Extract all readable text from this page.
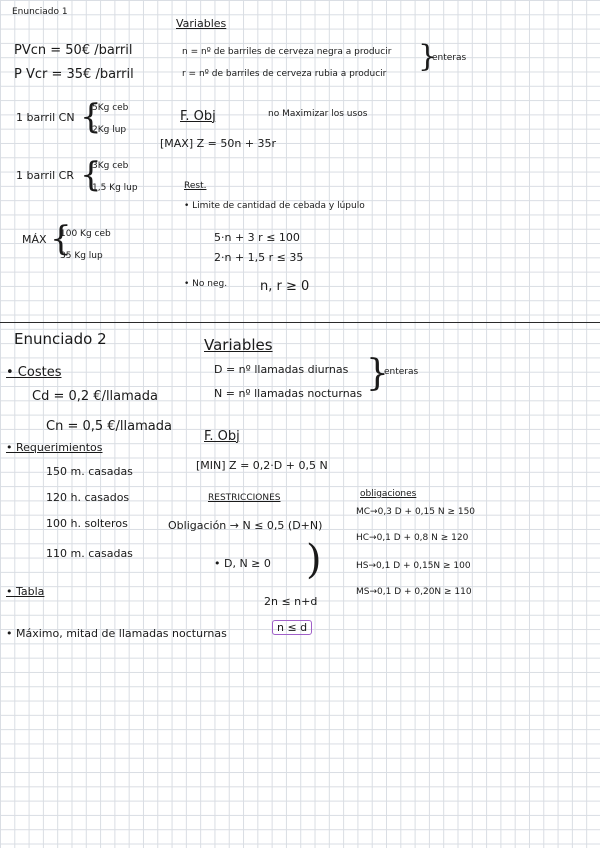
Enunciado 1
PVcn = 50€ /barril
P Vcr = 35€ /barril
1 barril CN {
5Kg ceb
2Kg lup
1 barril CR {
3Kg ceb
1,5 Kg lup
MÁX {
100 Kg ceb
35 Kg lup
Variables
n = nº de barriles de cerveza negra a producir
r = nº de barriles de cerveza rubia a producir }
enteras
F. Obj	no Maximizar los usos
[MAX] Z = 50n + 35r
Rest.
• Limite de cantidad de cebada y lúpulo
5·n + 3 r ≤ 100
2·n + 1,5 r ≤ 35
• No neg.	n, r ≥ 0
Enunciado 2
• Costes
Cd = 0,2 €/llamada
Cn = 0,5 €/llamada
• Requerimientos
150 m. casadas
120 h. casados
100 h. solteros
110 m. casadas
• Tabla
• Máximo, mitad de llamadas nocturnas
Variables
D = nº llamadas diurnas
N = nº llamadas nocturnas }
enteras
F. Obj
[MIN] Z = 0,2·D + 0,5 N
RESTRICCIONES
Obligación → N ≤ 0,5 (D+N)
• D, N ≥ 0 )
2n ≤ n+d
n ≤ d
obligaciones
MC→0,3 D + 0,15 N ≥ 150
HC→0,1 D + 0,8 N ≥ 120
HS→0,1 D + 0,15N ≥ 100
MS→0,1 D + 0,20N ≥ 110
